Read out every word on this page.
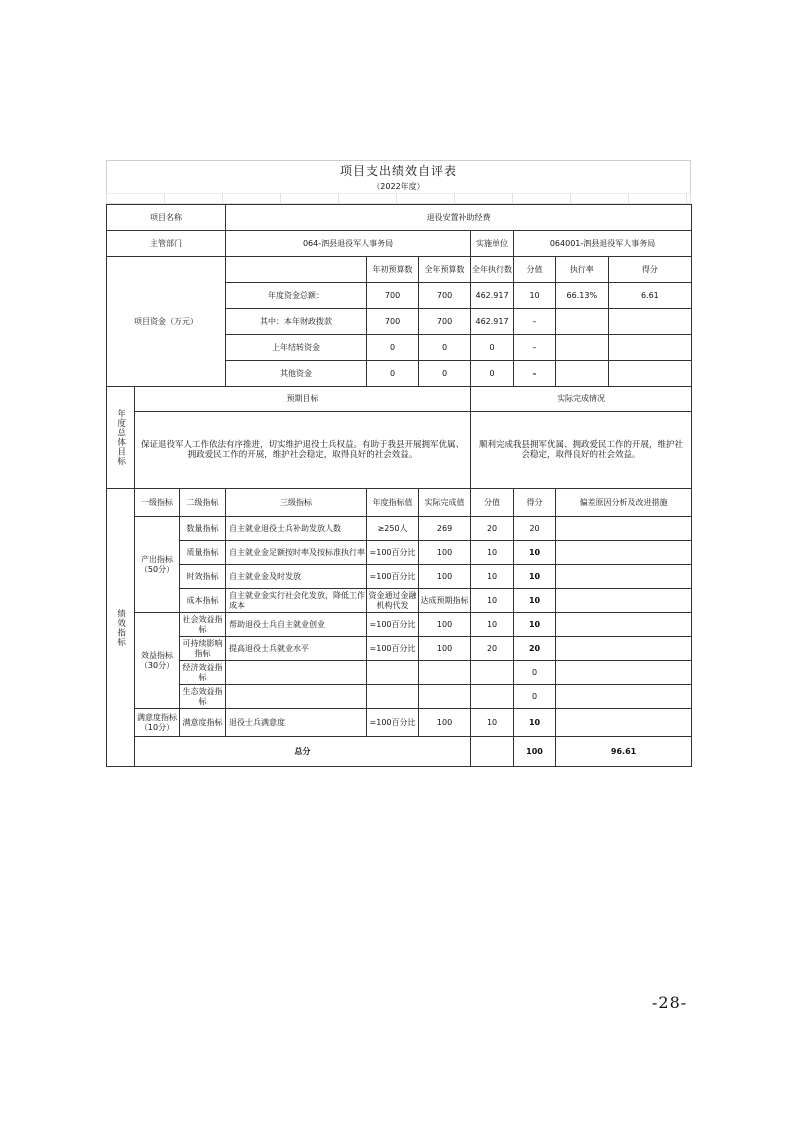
项目支出绩效自评表
（2022年度）
项目名称			退役安置补助经费						
主管部门			064-泗县退役军人事务局			实施单位	064001-泗县退役军人事务局		
项目资金（万元）				年初预算数	全年预算数	全年执行数	分值	执行率 得分	

			年度资金总额：	700	700	462.917	10	66.13% 6.61	

			其中：本年财政拨款	700	700	462.917	–		

			上年结转资金	0	0	0	–		

			其他资金	0	0	0	–		

年度总体目标	预期目标					实际完成情况			
	保证退役军人工作依法有序推进，切实维护退役士兵权益。有助于我县开展拥军优属、拥政爱民工作的开展，维护社会稳定，取得良好的社会效益。					顺利完成我县拥军优属、拥政爱民工作的开展，维护社会稳定，取得良好的社会效益。			

绩效指标	一级指标	二级指标	三级指标	年度指标值	实际完成值	分值	得分	偏差原因分析及改进措施	
	产出指标（50分）	数量指标	自主就业退役士兵补助发放人数	≥250人	269	20	20		
		质量指标	自主就业金足额按时率及按标准执行率	=100百分比	100	10	10		
		时效指标	自主就业金及时发放	=100百分比	100	10	10		
		成本指标	自主就业金实行社会化发放，降低工作成本	资金通过金融机构代发	达成预期指标	10	10		
	效益指标（30分）	社会效益指标	帮助退役士兵自主就业创业	=100百分比	100	10	10		
		可持续影响指标	提高退役士兵就业水平	=100百分比	100	20	20		
		经济效益指标					0		
		生态效益指标					0		
	满意度指标（10分）	满意度指标	退役士兵满意度	=100百分比	100	10	10		
	总分						100	96.61	
-28-
